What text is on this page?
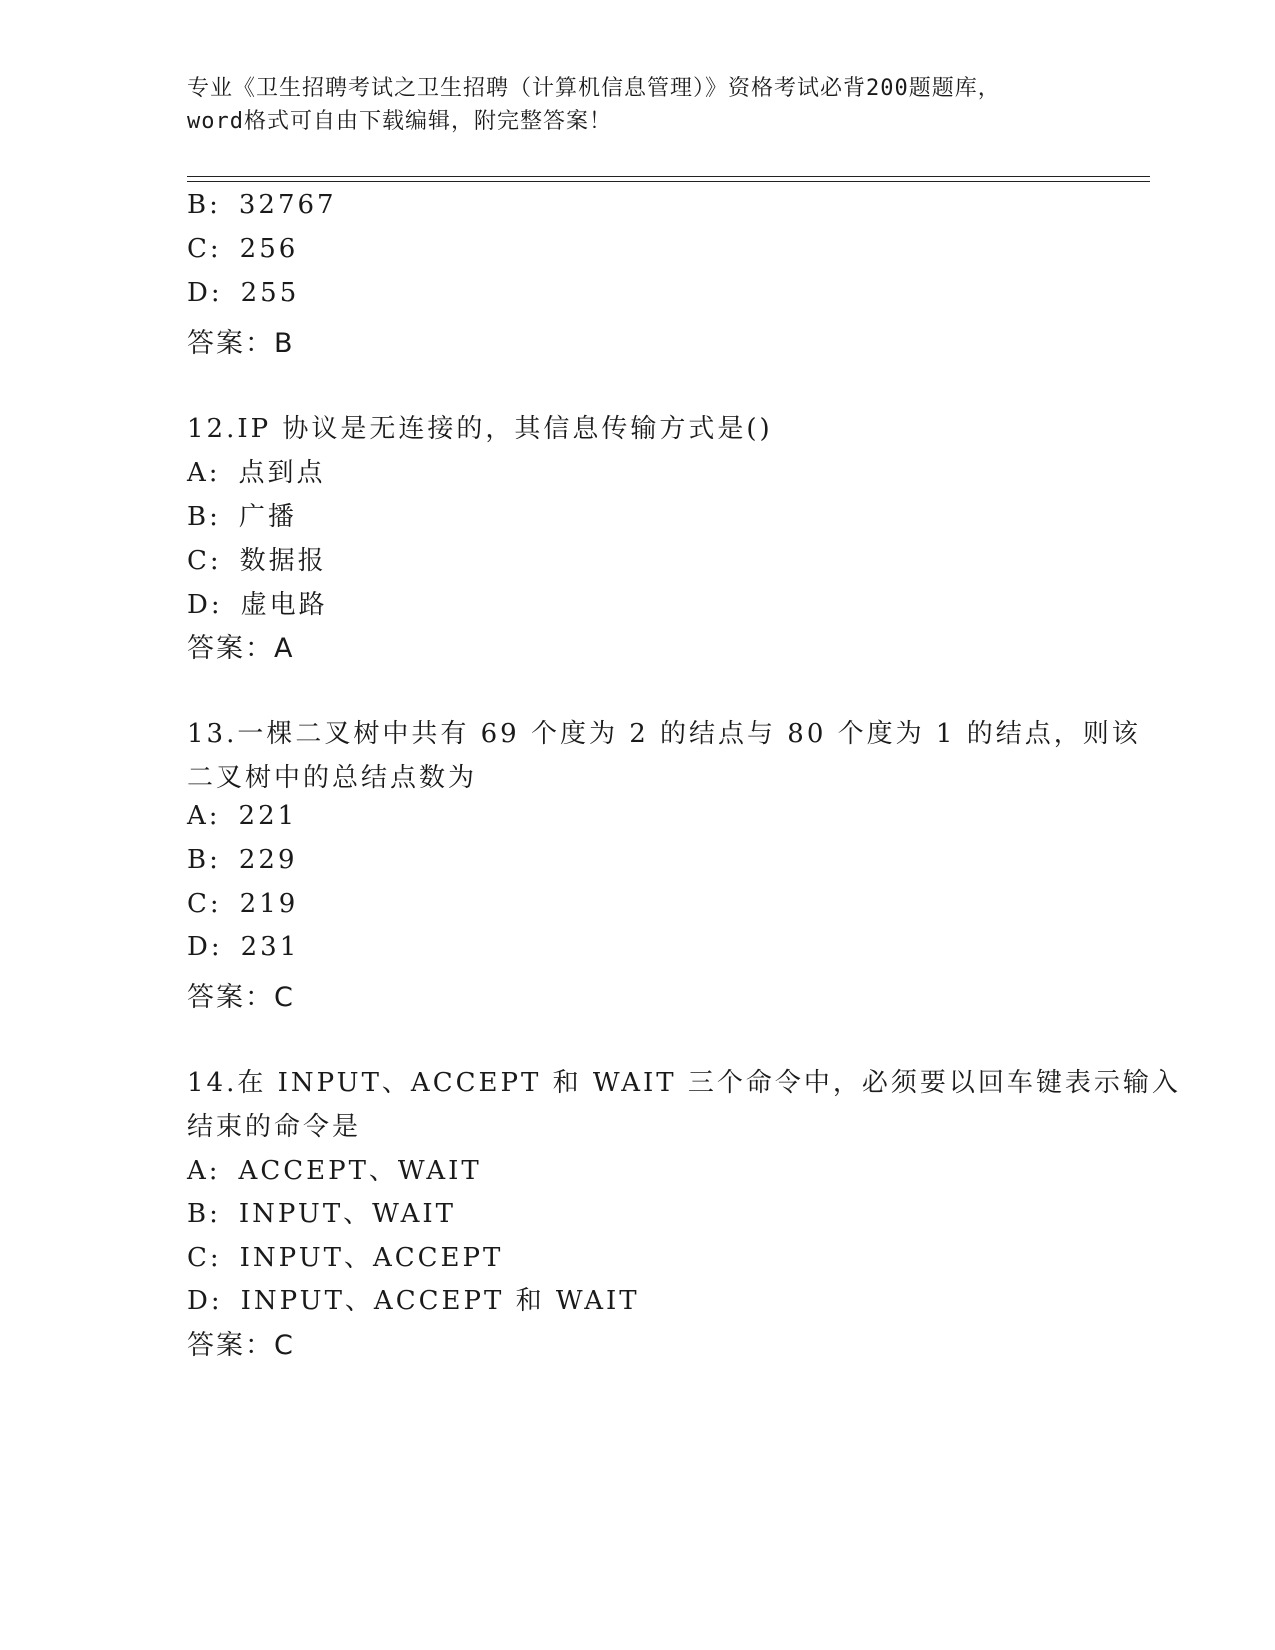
专业《卫生招聘考试之卫生招聘（计算机信息管理）》资格考试必背200题题库，
word格式可自由下载编辑，附完整答案！
B: 32767
C: 256
D: 255
答案：B
12.IP 协议是无连接的，其信息传输方式是()
A: 点到点
B: 广播
C: 数据报
D: 虚电路
答案：A
13.一棵二叉树中共有 69 个度为 2 的结点与 80 个度为 1 的结点，则该
二叉树中的总结点数为
A: 221
B: 229
C: 219
D: 231
答案：C
14.在 INPUT、ACCEPT 和 WAIT 三个命令中，必须要以回车键表示输入
结束的命令是
A: ACCEPT、WAIT
B: INPUT、WAIT
C: INPUT、ACCEPT
D: INPUT、ACCEPT 和 WAIT
答案：C
